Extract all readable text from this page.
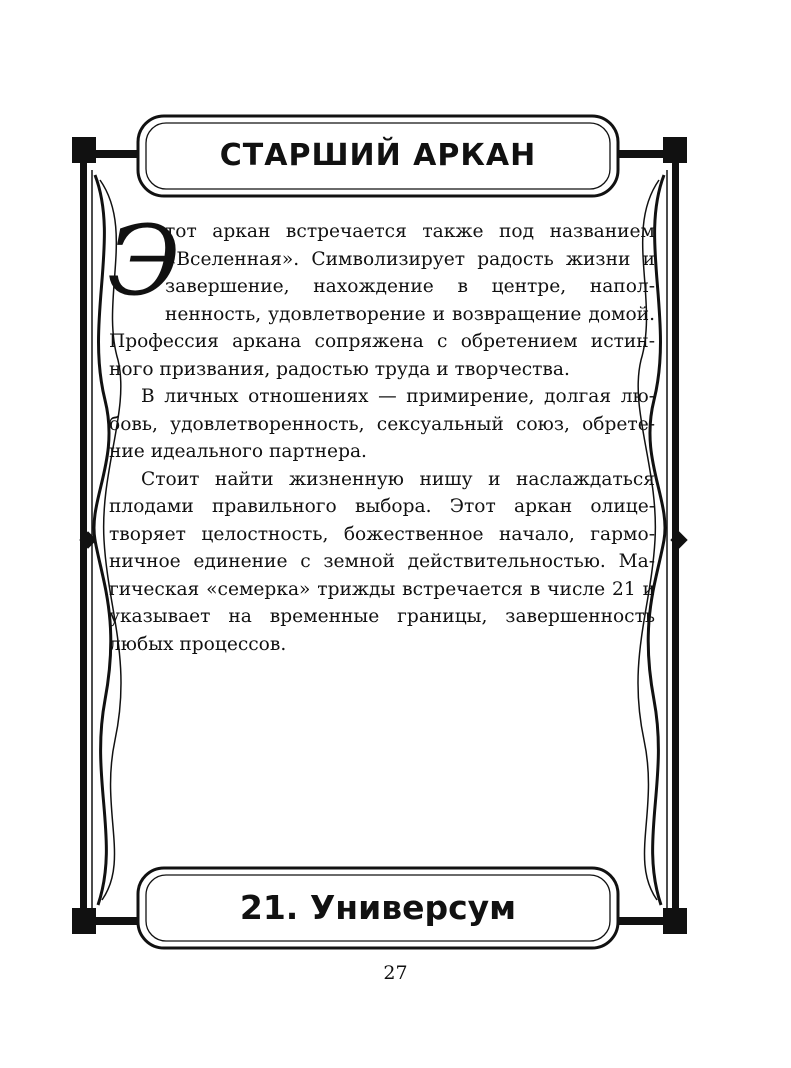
СТАРШИЙ АРКАН

Э
тот аркан встречается также под названием «Вселенная». Символизирует радость жизни и завершение, нахождение в центре, наполненность, удовлетворение и возвращение домой. Профессия аркана сопряжена с обретением истинного призвания, радостью труда и творчества.

В личных отношениях — примирение, долгая любовь, удовлетворенность, сексуальный союз, обретение идеального партнера.

Стоит найти жизненную нишу и наслаждаться плодами правильного выбора. Этот аркан олицетворяет целостность, божественное начало, гармоничное единение с земной действительностью. Магическая «семерка» трижды встречается в числе 21 и указывает на временные границы, завершенность любых процессов.

21. Универсум
27
